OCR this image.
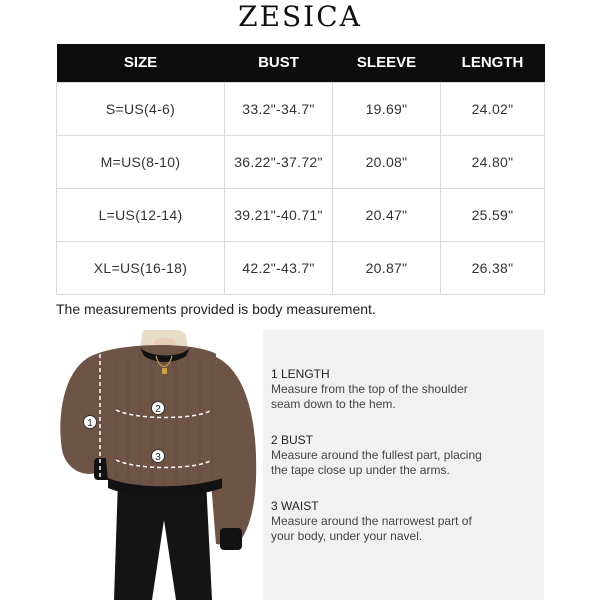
ZESICA
SIZE	BUST	SLEEVE	LENGTH
S=US(4-6)	33.2"-34.7"	19.69"	24.02"
M=US(8-10)	36.22"-37.72"	20.08"	24.80"
L=US(12-14)	39.21"-40.71"	20.47"	25.59"
XL=US(16-18)	42.2"-43.7"	20.87"	26.38"
The measurements provided is body measurement.
1
2
3
1 LENGTH
Measure from the top of the shoulder
seam down to the hem.
2 BUST
Measure around the fullest part, placing
the tape close up under the arms.
3 WAIST
Measure around the narrowest part of
your body, under your navel.
